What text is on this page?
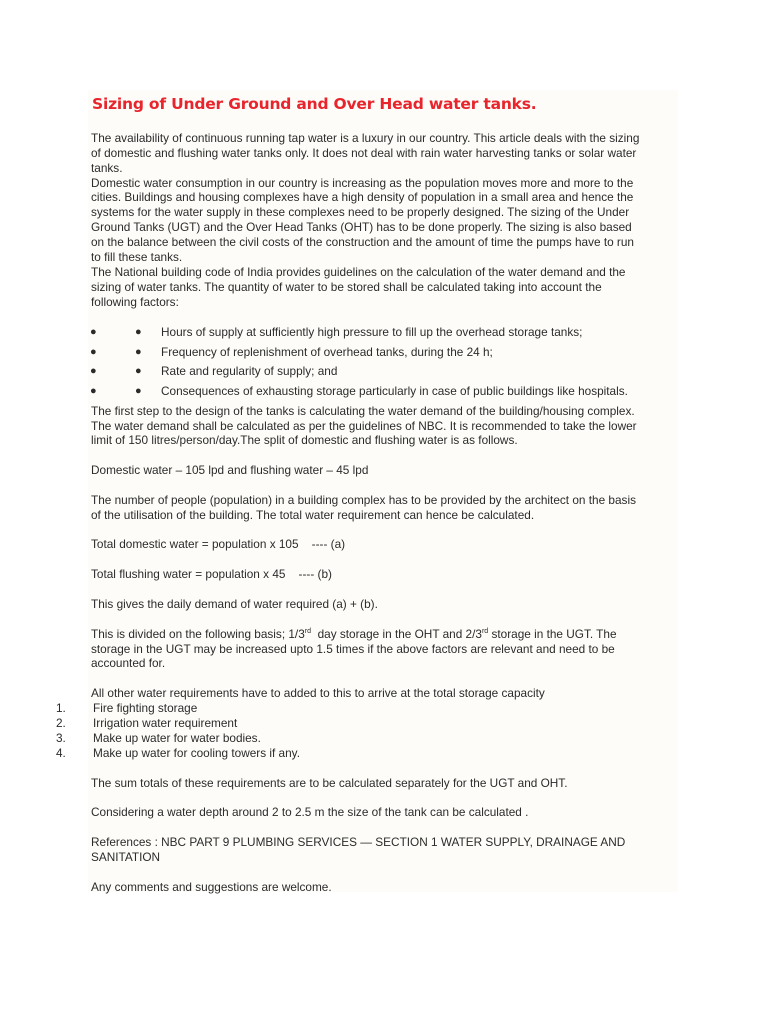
Sizing of Under Ground and Over Head water tanks.

The availability of continuous running tap water is a luxury in our country. This article deals with the sizing

of domestic and flushing water tanks only. It does not deal with rain water harvesting tanks or solar water

tanks.

Domestic water consumption in our country is increasing as the population moves more and more to the

cities. Buildings and housing complexes have a high density of population in a small area and hence the

systems for the water supply in these complexes need to be properly designed. The sizing of the Under

Ground Tanks (UGT) and the Over Head Tanks (OHT) has to be done properly. The sizing is also based

on the balance between the civil costs of the construction and the amount of time the pumps have to run

to fill these tanks.

The National building code of India provides guidelines on the calculation of the water demand and the

sizing of water tanks. The quantity of water to be stored shall be calculated taking into account the

following factors:

●	● Hours of supply at sufficiently high pressure to fill up the overhead storage tanks;
●	● Frequency of replenishment of overhead tanks, during the 24 h;
●	● Rate and regularity of supply; and
●	● Consequences of exhausting storage particularly in case of public buildings like hospitals.

The first step to the design of the tanks is calculating the water demand of the building/housing complex.

The water demand shall be calculated as per the guidelines of NBC. It is recommended to take the lower

limit of 150 litres/person/day.The split of domestic and flushing water is as follows.

Domestic water – 105 lpd and flushing water – 45 lpd

The number of people (population) in a building complex has to be provided by the architect on the basis

of the utilisation of the building. The total water requirement can hence be calculated.

Total domestic water = population x 105    ---- (a)

Total flushing water = population x 45    ---- (b)

This gives the daily demand of water required (a) + (b).

This is divided on the following basis; 1/3rd  day storage in the OHT and 2/3rd storage in the UGT. The

storage in the UGT may be increased upto 1.5 times if the above factors are relevant and need to be

accounted for.

All other water requirements have to added to this to arrive at the total storage capacity

1. Fire fighting storage
2. Irrigation water requirement
3. Make up water for water bodies.
4. Make up water for cooling towers if any.

The sum totals of these requirements are to be calculated separately for the UGT and OHT.

Considering a water depth around 2 to 2.5 m the size of the tank can be calculated .

References : NBC PART 9 PLUMBING SERVICES — SECTION 1 WATER SUPPLY, DRAINAGE AND

SANITATION

Any comments and suggestions are welcome.
